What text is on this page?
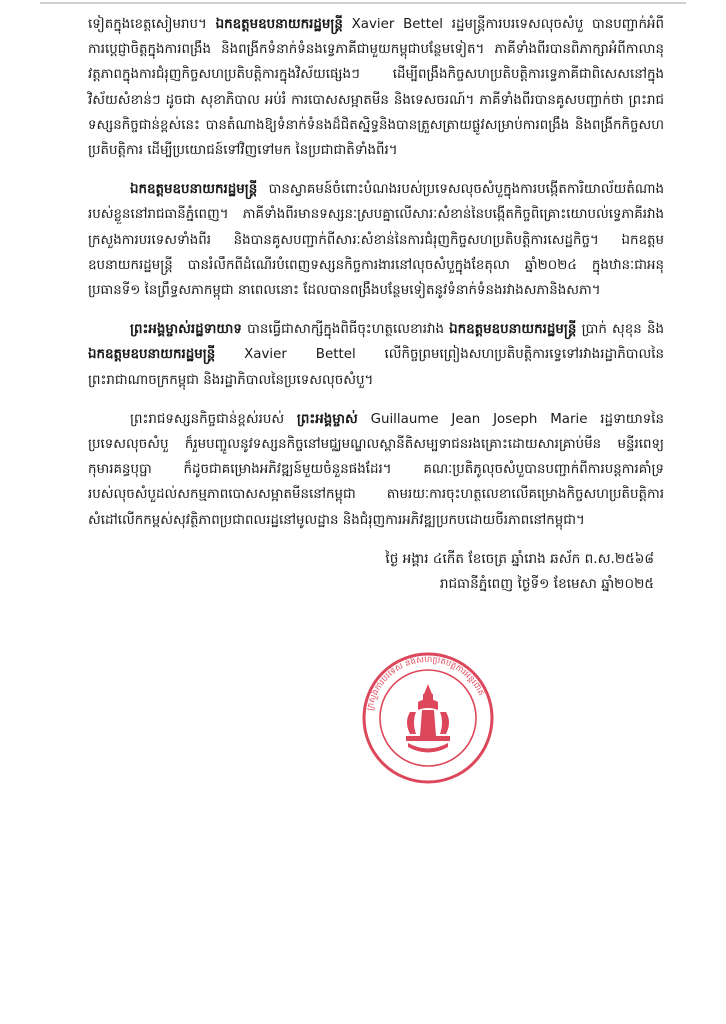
ទៀតក្នុងខេត្តសៀមរាប។ ឯកឧត្តមឧបនាយករដ្ឋមន្ត្រី Xavier Bettel រដ្ឋមន្ត្រីការបរទេសលុចសំបួ បានបញ្ជាក់អំពីការប្តេជ្ញាចិត្តក្នុងការពង្រឹង និងពង្រីកទំនាក់ទំនងទ្វេភាគីជាមួយកម្ពុជាបន្ថែមទៀត។ ភាគីទាំងពីរបានពិភាក្សាអំពីកាលានុវត្តភាពក្នុងការជំរុញកិច្ចសហប្រតិបត្តិការក្នុងវិស័យផ្សេងៗ ដើម្បីពង្រឹងកិច្ចសហប្រតិបត្តិការទ្វេភាគីជាពិសេសនៅក្នុងវិស័យសំខាន់ៗ ដូចជា សុខាភិបាល អប់រំ ការបោសសម្អាតមីន និងទេសចរណ៍។ ភាគីទាំងពីរបានគូសបញ្ជាក់ថា ព្រះរាជទស្សនកិច្ចជាន់ខ្ពស់នេះ បានតំណាងឱ្យទំនាក់ទំនងដ៏ជិតស្និទ្ធនិងបានត្រួសត្រាយផ្លូវសម្រាប់ការពង្រឹង និងពង្រីកកិច្ចសហប្រតិបត្តិការ ដើម្បីប្រយោជន៍ទៅវិញទៅមក នៃប្រជាជាតិទាំងពីរ។

ឯកឧត្តមឧបនាយករដ្ឋមន្ត្រី បានស្វាគមន៍ចំពោះបំណងរបស់ប្រទេសលុចសំបួក្នុងការបង្កើតការិយាល័យតំណាងរបស់ខ្លួននៅរាជធានីភ្នំពេញ។ ភាគីទាំងពីរមានទស្សនៈស្របគ្នាលើសារៈសំខាន់នៃបង្កើតកិច្ចពិគ្រោះយោបល់ទ្វេភាគីរវាងក្រសួងការបរទេសទាំងពីរ និងបានគូសបញ្ជាក់ពីសារៈសំខាន់នៃការជំរុញកិច្ចសហប្រតិបត្តិការសេដ្ឋកិច្ច។ ឯកឧត្តមឧបនាយករដ្ឋមន្ត្រី បានរំលឹកពីដំណើរបំពេញទស្សនកិច្ចការងារនៅលុចសំបួក្នុងខែតុលា ឆ្នាំ២០២៤ ក្នុងឋានៈជាអនុប្រធានទី១ នៃព្រឹទ្ធសភាកម្ពុជា នាពេលនោះ ដែលបានពង្រឹងបន្ថែមទៀតនូវទំនាក់ទំនងរវាងសភានិងសភា។

ព្រះអង្គម្ចាស់រដ្ឋទាយាទ បានធ្វើជាសាក្សីក្នុងពិធីចុះហត្ថលេខារវាង ឯកឧត្តមឧបនាយករដ្ឋមន្ត្រី ប្រាក់ សុខុន និងឯកឧត្តមឧបនាយករដ្ឋមន្ត្រី Xavier Bettel លើកិច្ចព្រមព្រៀងសហប្រតិបត្តិការទ្វេទៅរវាងរដ្ឋាភិបាលនៃព្រះរាជាណាចក្រកម្ពុជា និងរដ្ឋាភិបាលនៃប្រទេសលុចសំបួ។

ព្រះរាជទស្សនកិច្ចជាន់ខ្ពស់របស់ ព្រះអង្គម្ចាស់ Guillaume Jean Joseph Marie រដ្ឋទាយាទនៃប្រទេសលុចសំបួ ក៏រួមបញ្ចូលនូវទស្សនកិច្ចនៅមជ្ឈមណ្ឌលស្ពានីតិសម្បទាជនរងគ្រោះដោយសារគ្រាប់មីន មន្ទីរពេទ្យកុមារគន្ធបុប្ផា ក៏ដូចជាគម្រោងអភិវឌ្ឍន៍មួយចំនួនផងដែរ។ គណៈប្រតិភូលុចសំបួបានបញ្ជាក់ពីការបន្តការគាំទ្ររបស់លុចសំបួដល់សកម្មភាពបោសសម្អាតមីននៅកម្ពុជា តាមរយៈការចុះហត្ថលេខាលើគម្រោងកិច្ចសហប្រតិបត្តិការ សំដៅលើកកម្ពស់សុវត្ថិភាពប្រជាពលរដ្ឋនៅមូលដ្ឋាន និងជំរុញការអភិវឌ្ឍប្រកបដោយចីរភាពនៅកម្ពុជា។

ថ្ងៃ អង្គារ ៤កើត ខែចេត្រ ឆ្នាំរោង ឆស័ក ព.ស.២៥៦៨
រាជធានីភ្នំពេញ ថ្ងៃទី១ ខែមេសា ឆ្នាំ២០២៥
ក្រសួងការបរទេស និងសហប្រតិបត្តិការអន្តរជាតិ
